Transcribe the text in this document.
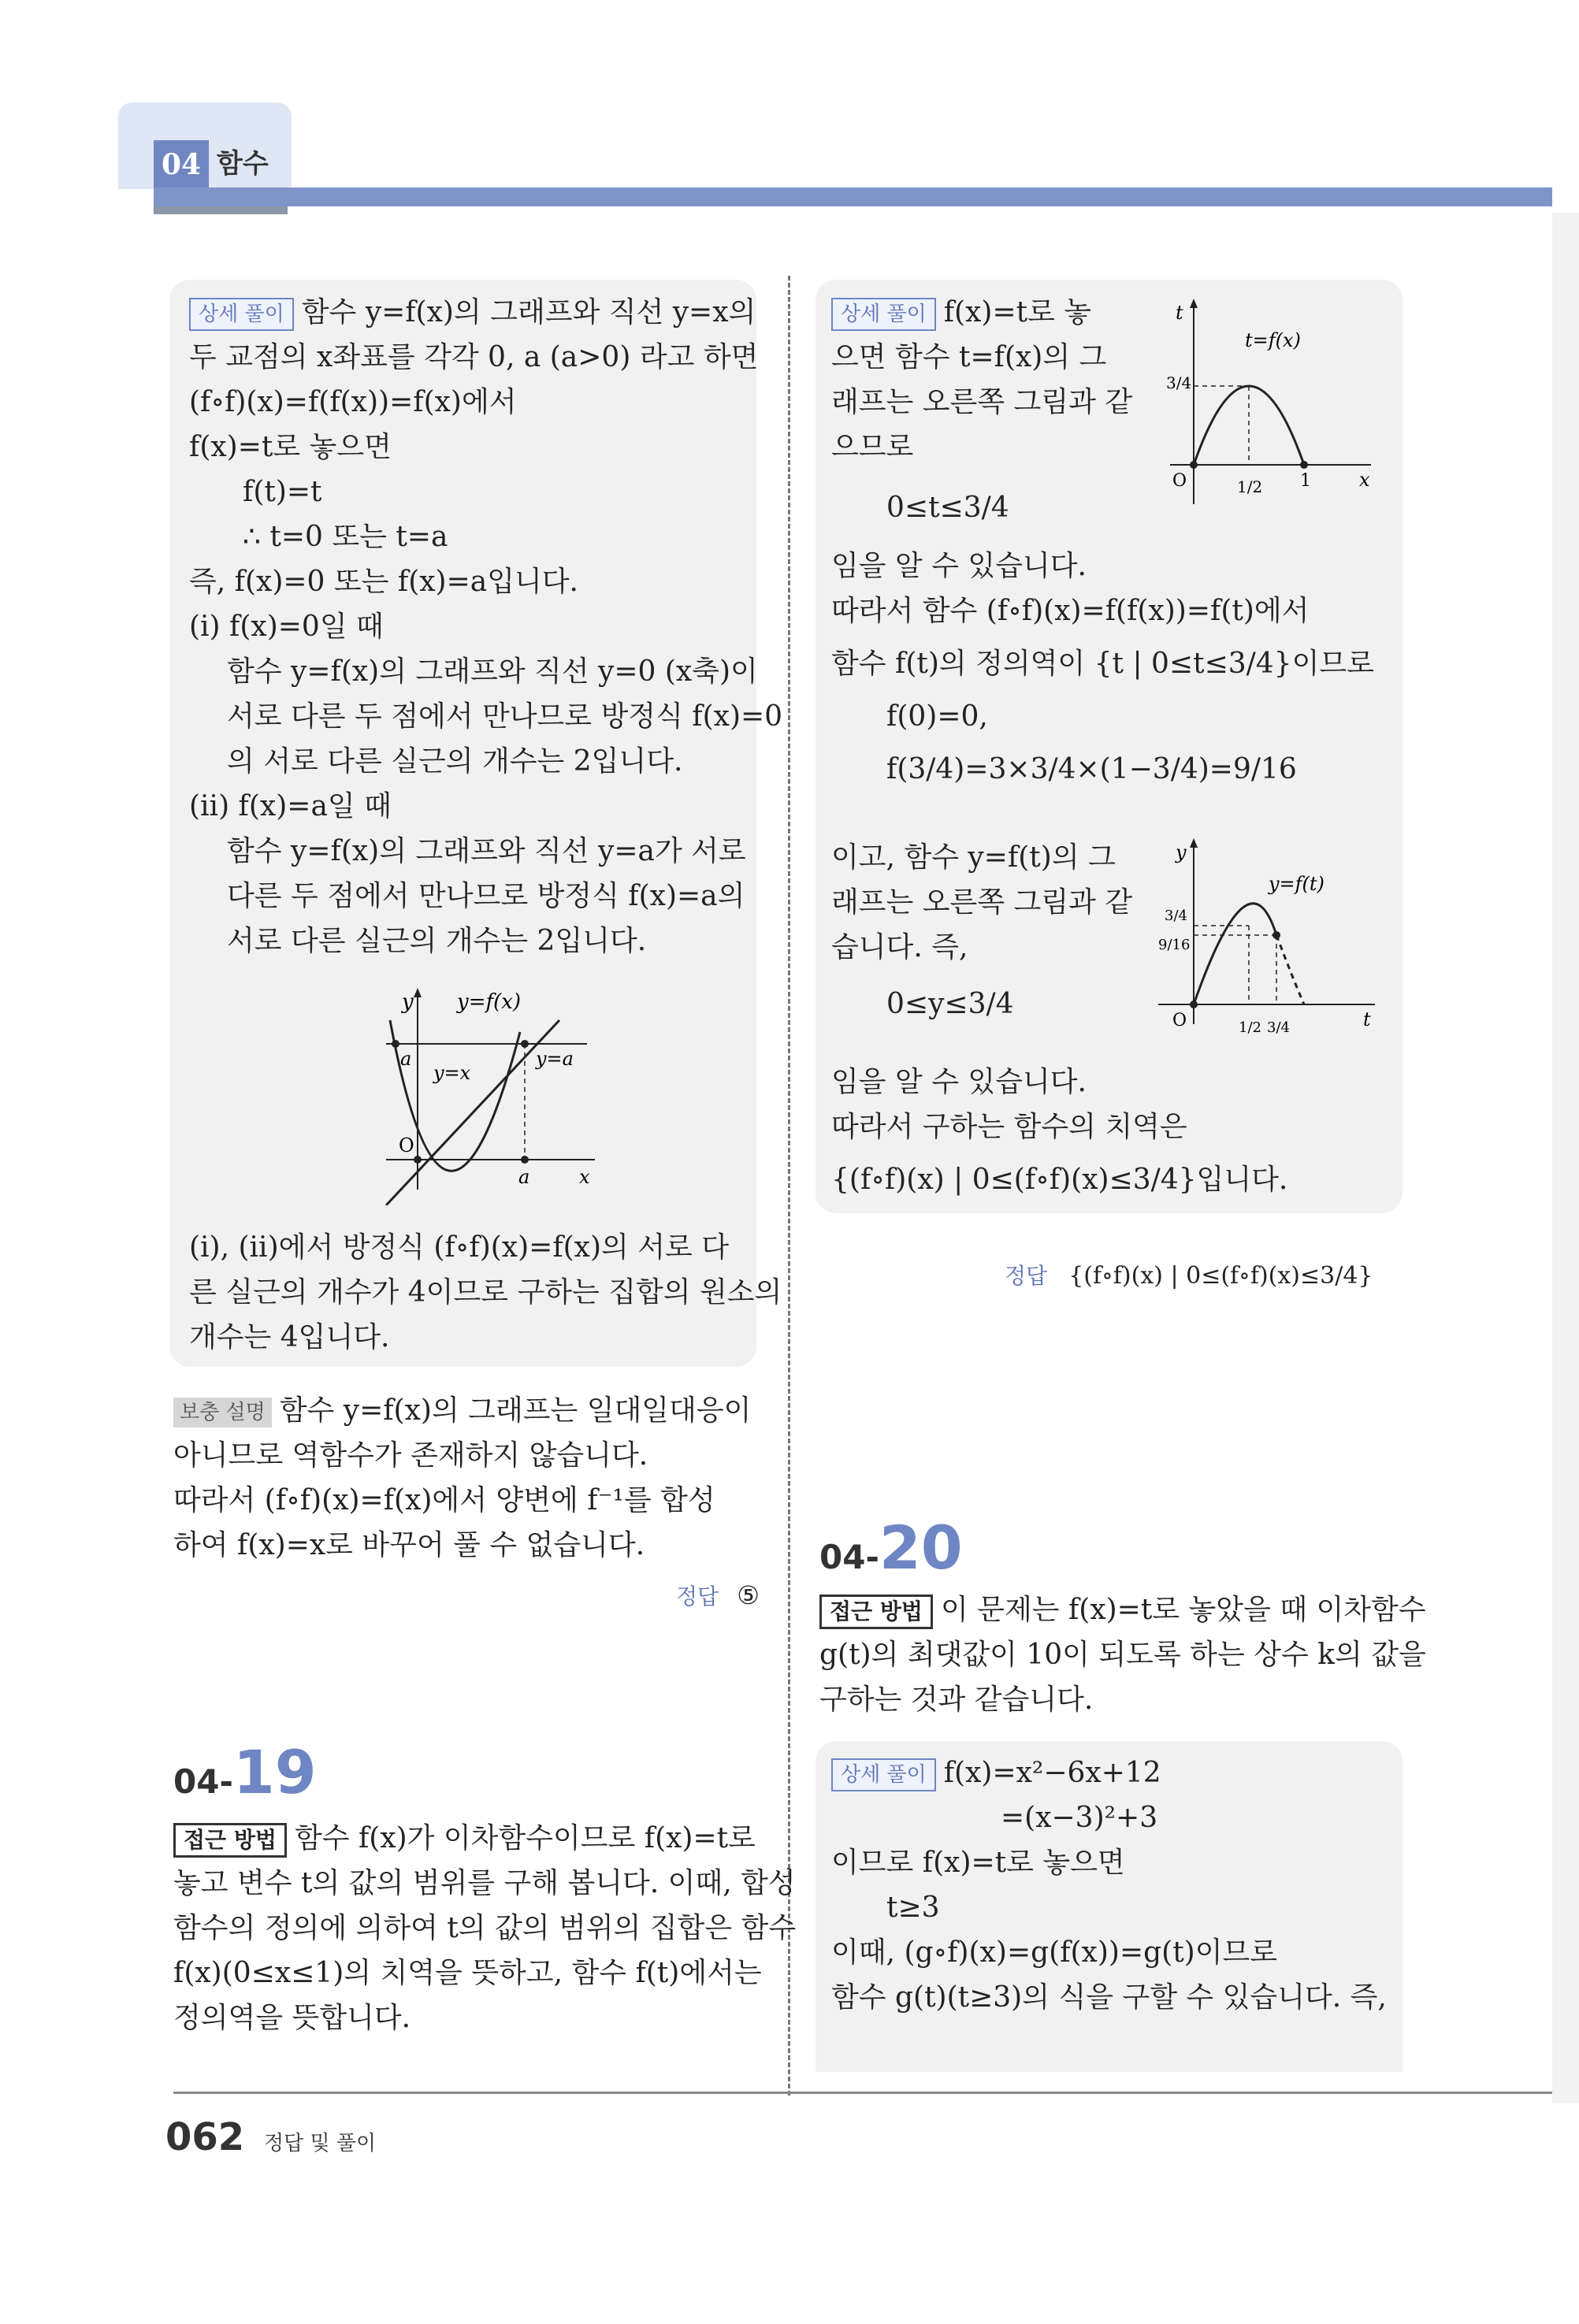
04 함수
상세 풀이 함수 y=f(x)의 그래프와 직선 y=x의
두 교점의 x좌표를 각각 0, a (a>0) 라고 하면
(f∘f)(x)=f(f(x))=f(x)에서
f(x)=t로 놓으면
f(t)=t
∴ t=0 또는 t=a
즉, f(x)=0 또는 f(x)=a입니다.
(i) f(x)=0일 때
함수 y=f(x)의 그래프와 직선 y=0 (x축)이
서로 다른 두 점에서 만나므로 방정식 f(x)=0
의 서로 다른 실근의 개수는 2입니다.
(ii) f(x)=a일 때
함수 y=f(x)의 그래프와 직선 y=a가 서로
다른 두 점에서 만나므로 방정식 f(x)=a의
서로 다른 실근의 개수는 2입니다.
y y=f(x)
y=x
y=a
a
a	x
O
(i), (ii)에서 방정식 (f∘f)(x)=f(x)의 서로 다
른 실근의 개수가 4이므로 구하는 집합의 원소의
개수는 4입니다.
보충 설명 함수 y=f(x)의 그래프는 일대일대응이
아니므로 역함수가 존재하지 않습니다.
따라서 (f∘f)(x)=f(x)에서 양변에 f⁻¹를 합성
하여 f(x)=x로 바꾸어 풀 수 없습니다.
정답 ⑤
04-19
접근 방법 함수 f(x)가 이차함수이므로 f(x)=t로
놓고 변수 t의 값의 범위를 구해 봅니다. 이때, 합성
함수의 정의에 의하여 t의 값의 범위의 집합은 함수
f(x)(0≤x≤1)의 치역을 뜻하고, 함수 f(t)에서는
정의역을 뜻합니다.
상세 풀이 f(x)=t로 놓
으면 함수 t=f(x)의 그
래프는 오른쪽 그림과 같
으므로
0≤t≤3/4
t
t=f(x)
3/4
1/2 1	x
O
임을 알 수 있습니다.
따라서 함수 (f∘f)(x)=f(f(x))=f(t)에서
함수 f(t)의 정의역이 {t | 0≤t≤3/4}이므로
f(0)=0,
f(3/4)=3×3/4×(1−3/4)=9/16
이고, 함수 y=f(t)의 그
래프는 오른쪽 그림과 같
습니다. 즉,
0≤y≤3/4
y
y=f(t)
3/4
9/16
1/2 3/4	t
O
임을 알 수 있습니다.
따라서 구하는 함수의 치역은
{(f∘f)(x) | 0≤(f∘f)(x)≤3/4}입니다.
정답 {(f∘f)(x) | 0≤(f∘f)(x)≤3/4}
04-20
접근 방법 이 문제는 f(x)=t로 놓았을 때 이차함수
g(t)의 최댓값이 10이 되도록 하는 상수 k의 값을
구하는 것과 같습니다.
상세 풀이 f(x)=x²−6x+12
=(x−3)²+3
이므로 f(x)=t로 놓으면
t≥3
이때, (g∘f)(x)=g(f(x))=g(t)이므로
함수 g(t)(t≥3)의 식을 구할 수 있습니다. 즉,
062 정답 및 풀이
